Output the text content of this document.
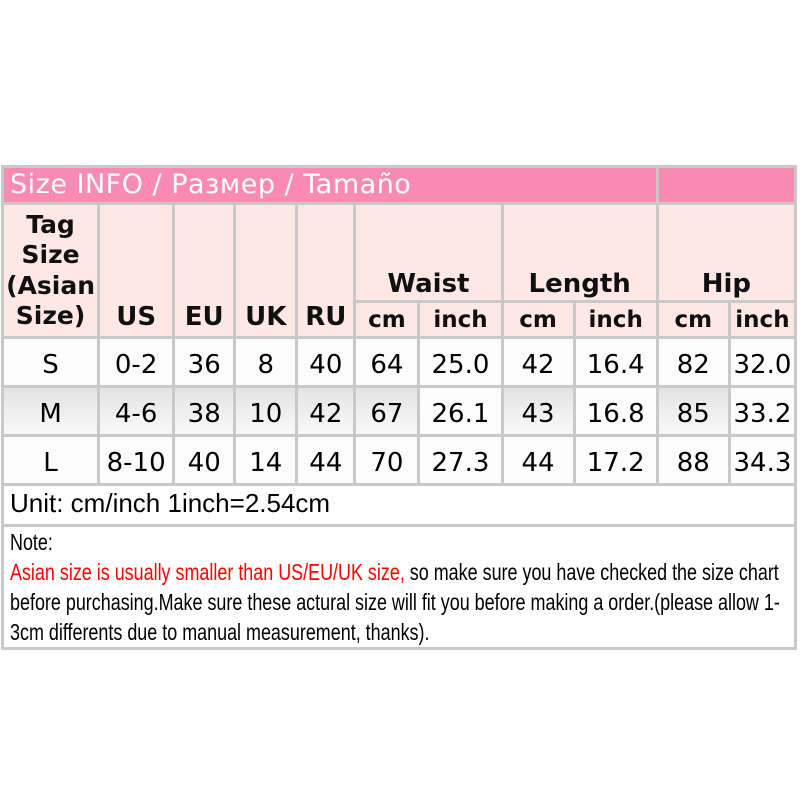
Size INFO / Размер / Tamaño										
Tag Size (Asian Size)	US	EU	UK	RU	Waist		Length		Hip	
					cm	inch	cm	inch	cm	inch
S	0-2	36	8	40	64	25.0	42	16.4	82	32.0
M	4-6	38	10	42	67	26.1	43	16.8	85	33.2
L	8-10	40	14	44	70	27.3	44	17.2	88	34.3
Unit: cm/inch 1inch=2.54cm										

Note:
Asian size is usually smaller than US/EU/UK size, so make sure you have checked the size chart before purchasing.Make sure these actural size will fit you before making a order.(please allow 1-3cm differents due to manual measurement, thanks).										
